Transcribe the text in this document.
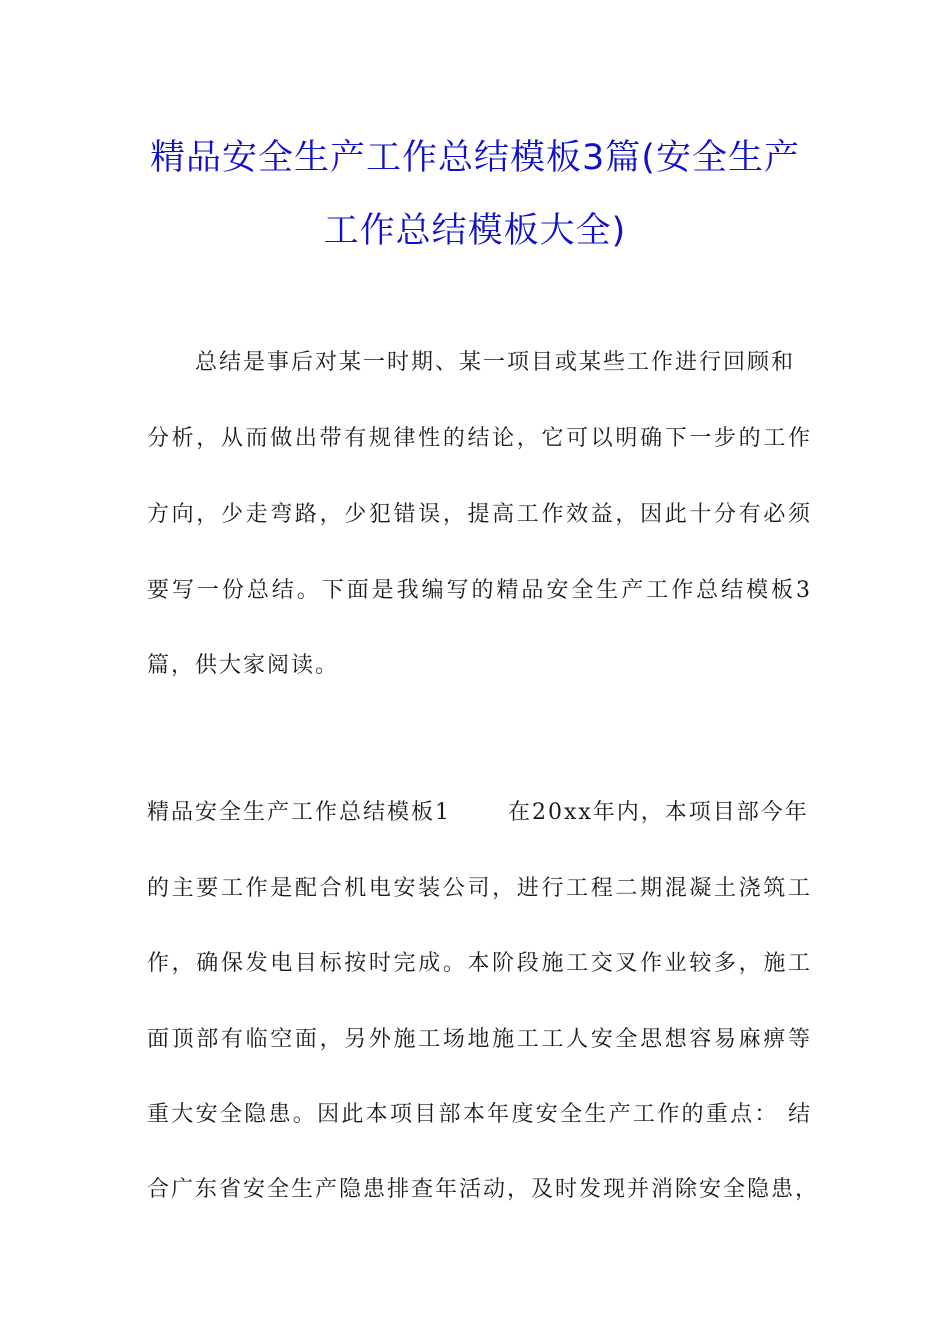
精品安全生产工作总结模板3篇(安全生产
工作总结模板大全)
总结是事后对某一时期、某一项目或某些工作进行回顾和
分析，从而做出带有规律性的结论，它可以明确下一步的工作
方向，少走弯路，少犯错误，提高工作效益，因此十分有必须
要写一份总结。下面是我编写的精品安全生产工作总结模板3
篇，供大家阅读。
精品安全生产工作总结模板1　　 在20xx年内，本项目部今年
的主要工作是配合机电安装公司，进行工程二期混凝土浇筑工
作，确保发电目标按时完成。本阶段施工交叉作业较多，施工
面顶部有临空面，另外施工场地施工工人安全思想容易麻痹等
重大安全隐患。因此本项目部本年度安全生产工作的重点： 结
合广东省安全生产隐患排查年活动，及时发现并消除安全隐患，
